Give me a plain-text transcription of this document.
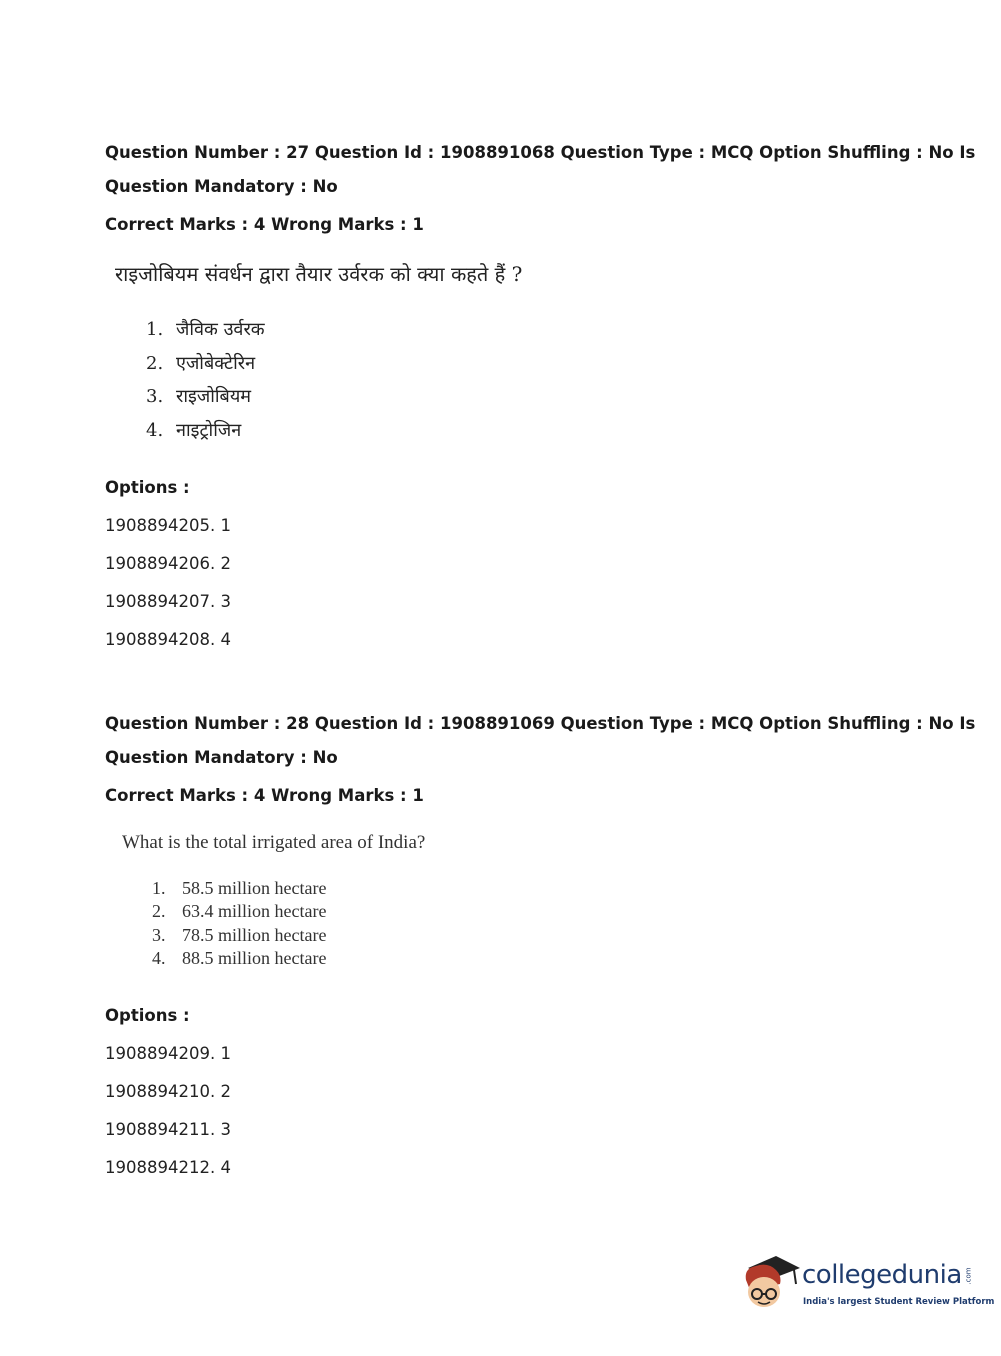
Question Number : 27 Question Id : 1908891068 Question Type : MCQ Option Shuffling : No Is
Question Mandatory : No
Correct Marks : 4 Wrong Marks : 1
राइजोबियम संवर्धन द्वारा तैयार उर्वरक को क्या कहते हैं ?
1. जैविक उर्वरक
2. एजोबेक्टेरिन
3. राइजोबियम
4. नाइट्रोजिन
Options :
1908894205. 1
1908894206. 2
1908894207. 3
1908894208. 4
Question Number : 28 Question Id : 1908891069 Question Type : MCQ Option Shuffling : No Is
Question Mandatory : No
Correct Marks : 4 Wrong Marks : 1
What is the total irrigated area of India?
1. 58.5 million hectare
2. 63.4 million hectare
3. 78.5 million hectare
4. 88.5 million hectare
Options :
1908894209. 1
1908894210. 2
1908894211. 3
1908894212. 4
collegedunia .com
India's largest Student Review Platform
